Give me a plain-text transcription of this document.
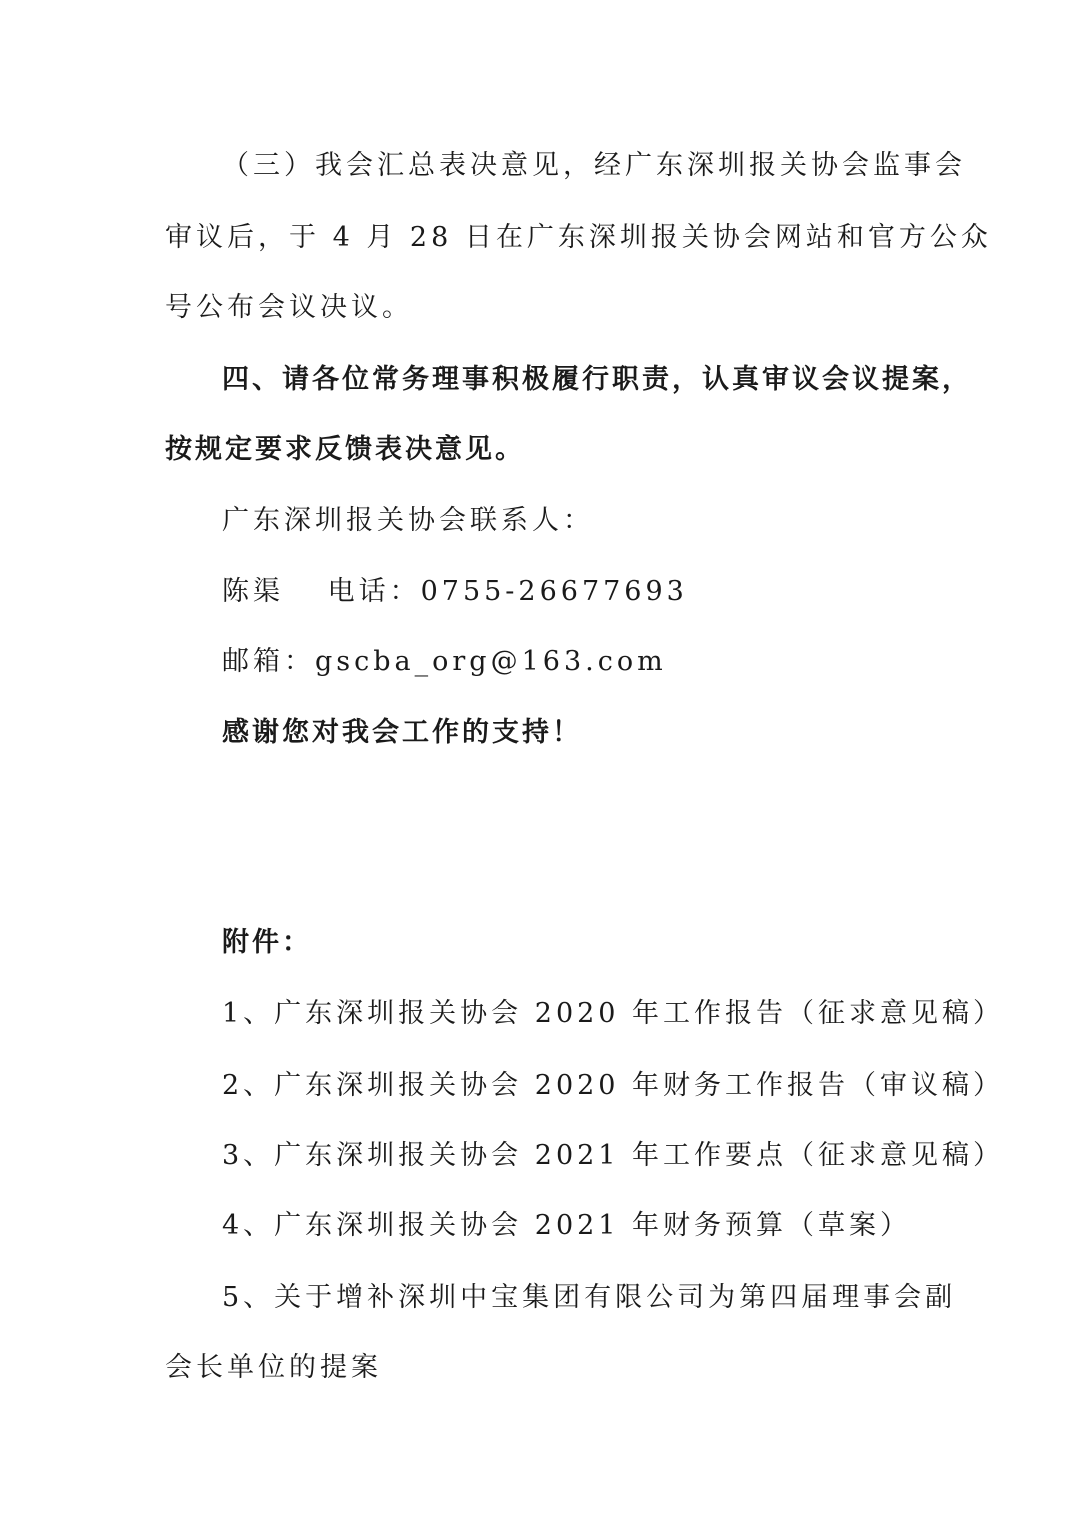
（三）我会汇总表决意见，经广东深圳报关协会监事会
审议后，于 4 月 28 日在广东深圳报关协会网站和官方公众
号公布会议决议。
四、请各位常务理事积极履行职责，认真审议会议提案，
按规定要求反馈表决意见。
广东深圳报关协会联系人：
陈渠　 电话：0755-26677693
邮箱：gscba_org@163.com
感谢您对我会工作的支持！
附件：
1、广东深圳报关协会 2020 年工作报告（征求意见稿）
2、广东深圳报关协会 2020 年财务工作报告（审议稿）
3、广东深圳报关协会 2021 年工作要点（征求意见稿）
4、广东深圳报关协会 2021 年财务预算（草案）
5、关于增补深圳中宝集团有限公司为第四届理事会副
会长单位的提案
